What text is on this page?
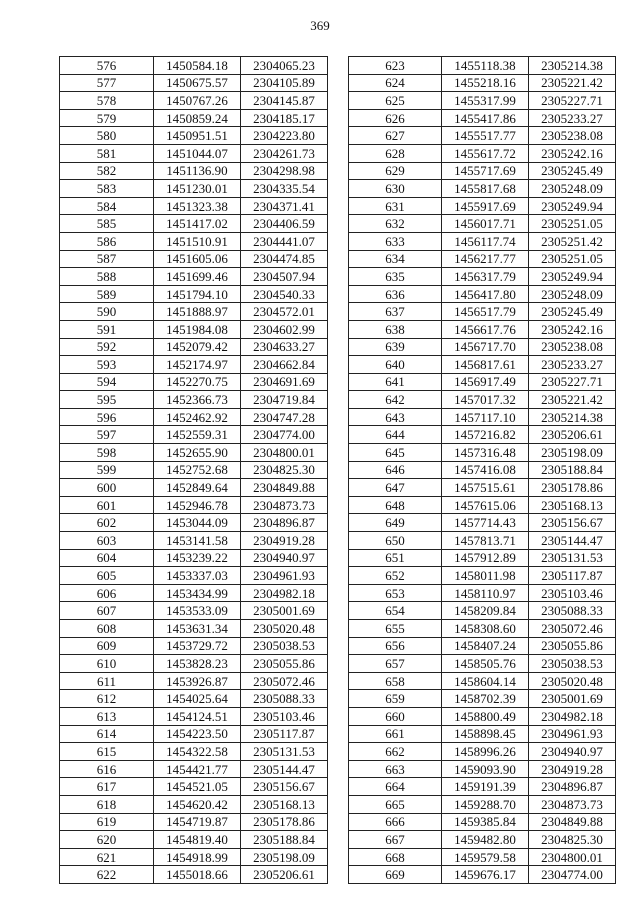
369
576	1450584.18	2304065.23
577	1450675.57	2304105.89
578	1450767.26	2304145.87
579	1450859.24	2304185.17
580	1450951.51	2304223.80
581	1451044.07	2304261.73
582	1451136.90	2304298.98
583	1451230.01	2304335.54
584	1451323.38	2304371.41
585	1451417.02	2304406.59
586	1451510.91	2304441.07
587	1451605.06	2304474.85
588	1451699.46	2304507.94
589	1451794.10	2304540.33
590	1451888.97	2304572.01
591	1451984.08	2304602.99
592	1452079.42	2304633.27
593	1452174.97	2304662.84
594	1452270.75	2304691.69
595	1452366.73	2304719.84
596	1452462.92	2304747.28
597	1452559.31	2304774.00
598	1452655.90	2304800.01
599	1452752.68	2304825.30
600	1452849.64	2304849.88
601	1452946.78	2304873.73
602	1453044.09	2304896.87
603	1453141.58	2304919.28
604	1453239.22	2304940.97
605	1453337.03	2304961.93
606	1453434.99	2304982.18
607	1453533.09	2305001.69
608	1453631.34	2305020.48
609	1453729.72	2305038.53
610	1453828.23	2305055.86
611	1453926.87	2305072.46
612	1454025.64	2305088.33
613	1454124.51	2305103.46
614	1454223.50	2305117.87
615	1454322.58	2305131.53
616	1454421.77	2305144.47
617	1454521.05	2305156.67
618	1454620.42	2305168.13
619	1454719.87	2305178.86
620	1454819.40	2305188.84
621	1454918.99	2305198.09
622	1455018.66	2305206.61
623	1455118.38	2305214.38
624	1455218.16	2305221.42
625	1455317.99	2305227.71
626	1455417.86	2305233.27
627	1455517.77	2305238.08
628	1455617.72	2305242.16
629	1455717.69	2305245.49
630	1455817.68	2305248.09
631	1455917.69	2305249.94
632	1456017.71	2305251.05
633	1456117.74	2305251.42
634	1456217.77	2305251.05
635	1456317.79	2305249.94
636	1456417.80	2305248.09
637	1456517.79	2305245.49
638	1456617.76	2305242.16
639	1456717.70	2305238.08
640	1456817.61	2305233.27
641	1456917.49	2305227.71
642	1457017.32	2305221.42
643	1457117.10	2305214.38
644	1457216.82	2305206.61
645	1457316.48	2305198.09
646	1457416.08	2305188.84
647	1457515.61	2305178.86
648	1457615.06	2305168.13
649	1457714.43	2305156.67
650	1457813.71	2305144.47
651	1457912.89	2305131.53
652	1458011.98	2305117.87
653	1458110.97	2305103.46
654	1458209.84	2305088.33
655	1458308.60	2305072.46
656	1458407.24	2305055.86
657	1458505.76	2305038.53
658	1458604.14	2305020.48
659	1458702.39	2305001.69
660	1458800.49	2304982.18
661	1458898.45	2304961.93
662	1458996.26	2304940.97
663	1459093.90	2304919.28
664	1459191.39	2304896.87
665	1459288.70	2304873.73
666	1459385.84	2304849.88
667	1459482.80	2304825.30
668	1459579.58	2304800.01
669	1459676.17	2304774.00
